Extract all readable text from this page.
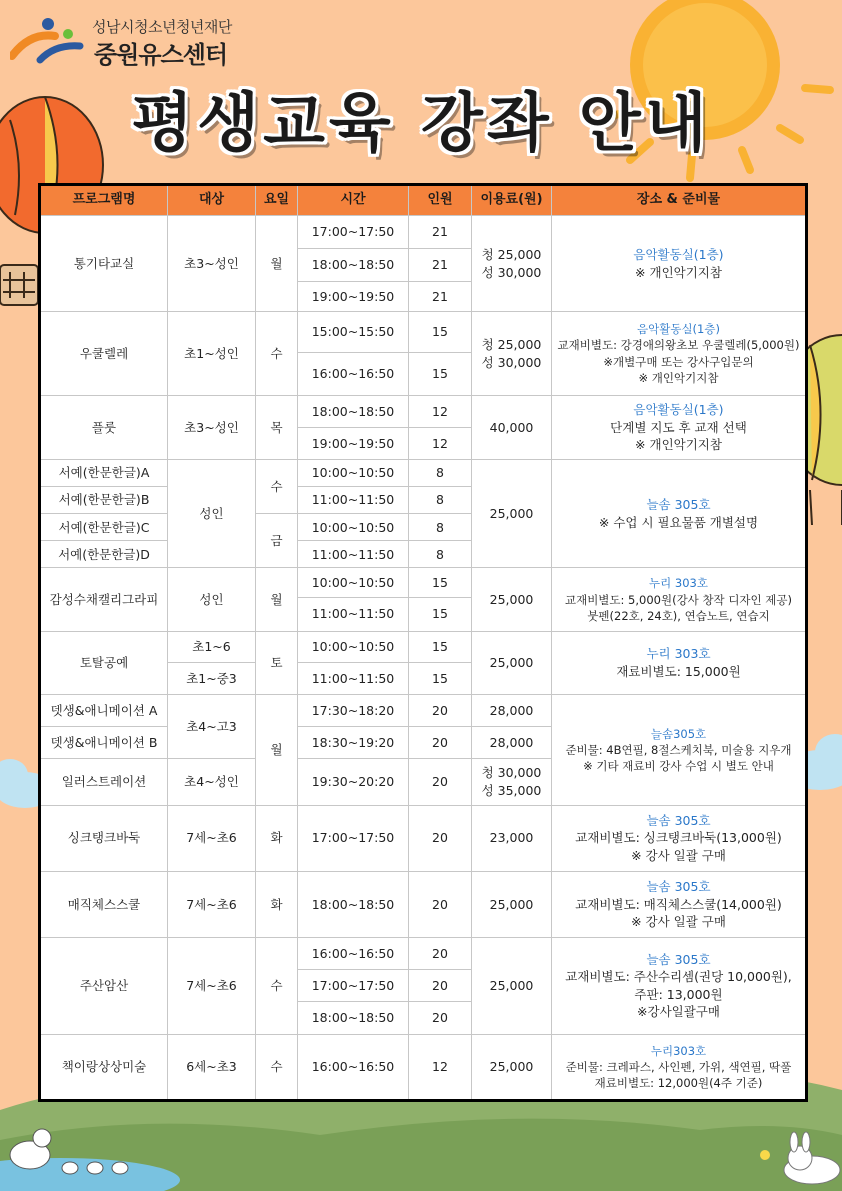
성남시청소년청년재단
중원유스센터
평생교육 강좌 안내
프로그램명	대상	요일	시간	인원	이용료(원)	장소 & 준비물
통기타교실	초3~성인	월	17:00~17:50	21	청 25,000
성 30,000	음악활동실(1층)
※ 개인악기지참
			18:00~18:50	21		
			19:00~19:50	21		
우쿨렐레	초1~성인	수	15:00~15:50	15	청 25,000
성 30,000	음악활동실(1층)
교재비별도: 강경애의왕초보 우쿨렐레(5,000원)
※개별구매 또는 강사구입문의
※ 개인악기지참
			16:00~16:50	15		
플룻	초3~성인	목	18:00~18:50	12	40,000	음악활동실(1층)
단계별 지도 후 교재 선택
※ 개인악기지참
			19:00~19:50	12		
서예(한문한글)A	성인	수	10:00~10:50	8	25,000	늘솜 305호
※ 수업 시 필요물품 개별설명
서예(한문한글)B			11:00~11:50	8		
서예(한문한글)C		금	10:00~10:50	8		
서예(한문한글)D			11:00~11:50	8		
감성수채캘리그라피	성인	월	10:00~10:50	15	25,000	누리 303호
교재비별도: 5,000원(강사 창작 디자인 제공)
붓펜(22호, 24호), 연습노트, 연습지
			11:00~11:50	15		
토탈공예	초1~6	토	10:00~10:50	15	25,000	누리 303호
재료비별도: 15,000원
	초1~중3		11:00~11:50	15		
뎃생&애니메이션 A	초4~고3	월	17:30~18:20	20	28,000	늘솜305호
준비물: 4B연필, 8절스케치북, 미술용 지우개
※ 기타 재료비 강사 수업 시 별도 안내
뎃생&애니메이션 B			18:30~19:20	20	28,000	
일러스트레이션	초4~성인		19:30~20:20	20	청 30,000
성 35,000	
싱크탱크바둑	7세~초6	화	17:00~17:50	20	23,000	늘솜 305호
교재비별도: 싱크탱크바둑(13,000원)
※ 강사 일괄 구매
매직체스스쿨	7세~초6	화	18:00~18:50	20	25,000	늘솜 305호
교재비별도: 매직체스스쿨(14,000원)
※ 강사 일괄 구매
주산암산	7세~초6	수	16:00~16:50	20	25,000	늘솜 305호
교재비별도: 주산수리셈(권당 10,000원),
주판: 13,000원
※강사일괄구매
			17:00~17:50	20		
			18:00~18:50	20		
책이랑상상미술	6세~초3	수	16:00~16:50	12	25,000	누리303호
준비물: 크레파스, 사인펜, 가위, 색연필, 딱풀
재료비별도: 12,000원(4주 기준)
